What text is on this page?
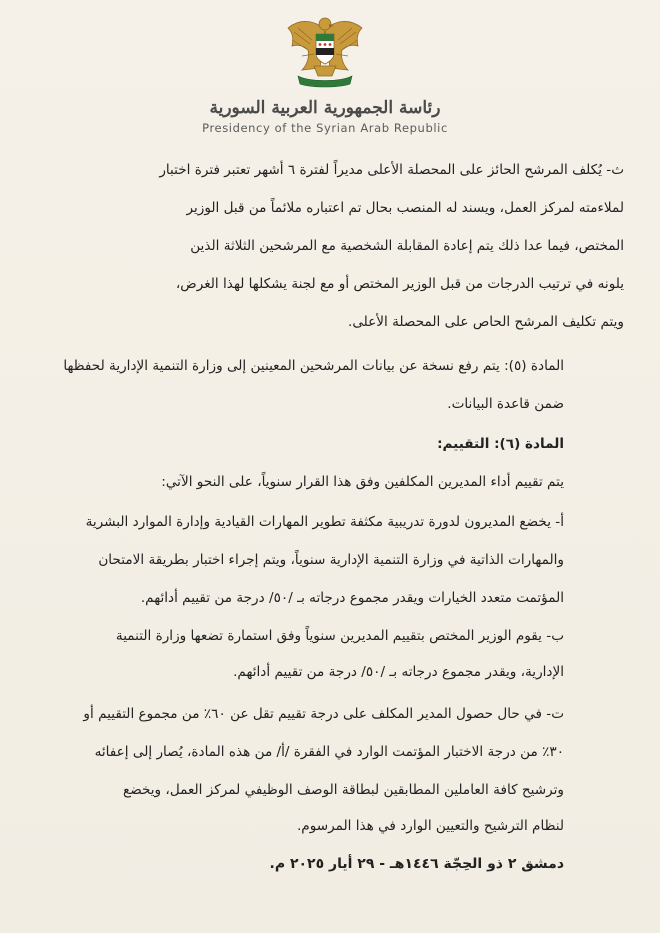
رئاسة الجمهورية العربية السورية
Presidency of the Syrian Arab Republic
ث- يُكلف المرشح الحائز على المحصلة الأعلى مديراً لفترة ٦ أشهر تعتبر فترة اختبار
لملاءمته لمركز العمل، ويسند له المنصب بحال تم اعتباره ملائماً من قبل الوزير
المختص، فيما عدا ذلك يتم إعادة المقابلة الشخصية مع المرشحين الثلاثة الذين
يلونه في ترتيب الدرجات من قبل الوزير المختص أو مع لجنة يشكلها لهذا الغرض،
ويتم تكليف المرشح الحاص على المحصلة الأعلى.
المادة (٥): يتم رفع نسخة عن بيانات المرشحين المعينين إلى وزارة التنمية الإدارية لحفظها
ضمن قاعدة البيانات.
المادة (٦): التقييم:
يتم تقييم أداء المديرين المكلفين وفق هذا القرار سنوياً، على النحو الآتي:
أ- يخضع المديرون لدورة تدريبية مكثفة تطوير المهارات القيادية وإدارة الموارد البشرية
والمهارات الذاتية في وزارة التنمية الإدارية سنوياً، ويتم إجراء اختبار بطريقة الامتحان
المؤتمت متعدد الخيارات ويقدر مجموع درجاته بـ /٥٠/ درجة من تقييم أدائهم.
ب- يقوم الوزير المختص بتقييم المديرين سنوياً وفق استمارة تضعها وزارة التنمية
الإدارية، ويقدر مجموع درجاته بـ /٥٠/ درجة من تقييم أدائهم.
ت- في حال حصول المدير المكلف على درجة تقييم تقل عن ٦٠٪ من مجموع التقييم أو
٣٠٪ من درجة الاختبار المؤتمت الوارد في الفقرة /أ/ من هذه المادة، يُصار إلى إعفائه
وترشيح كافة العاملين المطابقين لبطاقة الوصف الوظيفي لمركز العمل، ويخضع
لنظام الترشيح والتعيين الوارد في هذا المرسوم.
دمشق ٢ ذو الحِجّة ١٤٤٦هـ - ٢٩ أيار ٢٠٢٥ م.
